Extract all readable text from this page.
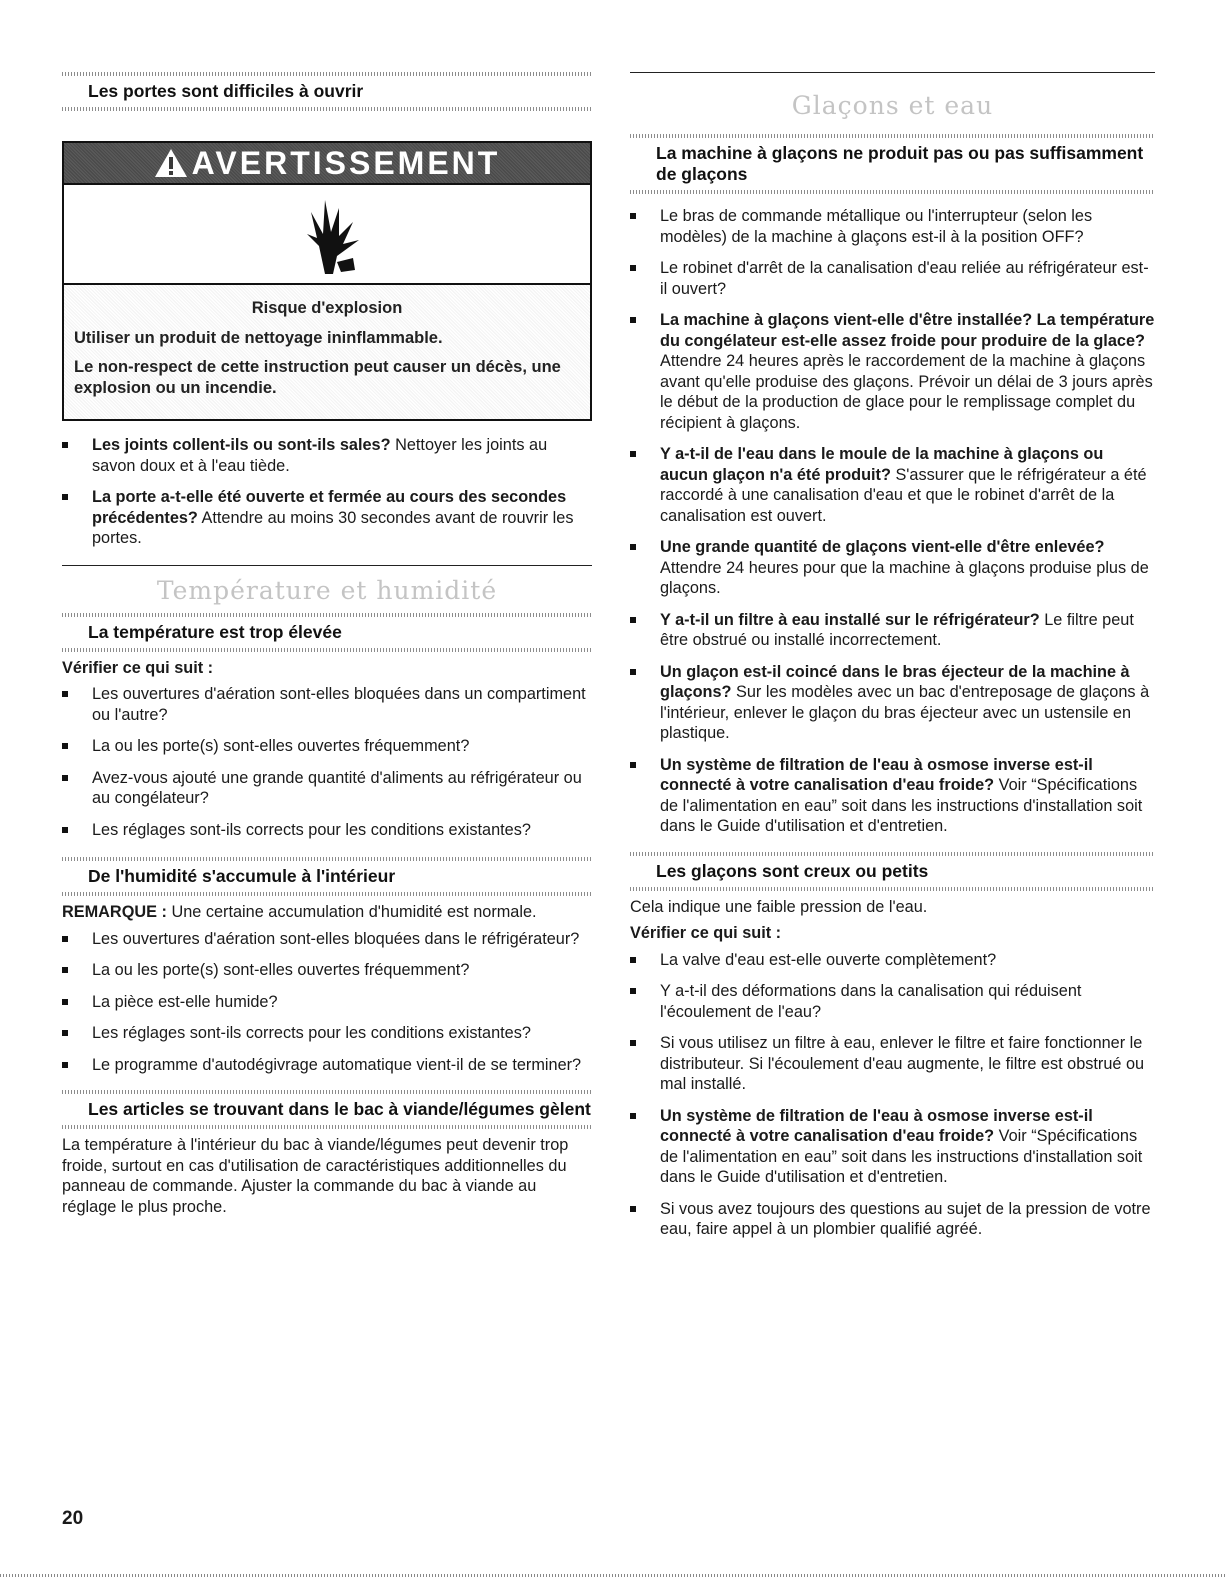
Les portes sont difficiles à ouvrir
AVERTISSEMENT
Risque d'explosion
Utiliser un produit de nettoyage ininflammable.
Le non-respect de cette instruction peut causer un décès, une explosion ou un incendie.
Les joints collent-ils ou sont-ils sales? Nettoyer les joints au savon doux et à l'eau tiède.
La porte a-t-elle été ouverte et fermée au cours des secondes précédentes? Attendre au moins 30 secondes avant de rouvrir les portes.
Température et humidité
La température est trop élevée

Vérifier ce qui suit :

Les ouvertures d'aération sont-elles bloquées dans un compartiment ou l'autre?
La ou les porte(s) sont-elles ouvertes fréquemment?
Avez-vous ajouté une grande quantité d'aliments au réfrigérateur ou au congélateur?
Les réglages sont-ils corrects pour les conditions existantes?
De l'humidité s'accumule à l'intérieur

REMARQUE : Une certaine accumulation d'humidité est normale.

Les ouvertures d'aération sont-elles bloquées dans le réfrigérateur?
La ou les porte(s) sont-elles ouvertes fréquemment?
La pièce est-elle humide?
Les réglages sont-ils corrects pour les conditions existantes?
Le programme d'autodégivrage automatique vient-il de se terminer?
Les articles se trouvant dans le bac à viande/légumes gèlent

La température à l'intérieur du bac à viande/légumes peut devenir trop froide, surtout en cas d'utilisation de caractéristiques additionnelles du panneau de commande. Ajuster la commande du bac à viande au réglage le plus proche.

Glaçons et eau
La machine à glaçons ne produit pas ou pas suffisamment de glaçons
Le bras de commande métallique ou l'interrupteur (selon les modèles) de la machine à glaçons est-il à la position OFF?
Le robinet d'arrêt de la canalisation d'eau reliée au réfrigérateur est-il ouvert?
La machine à glaçons vient-elle d'être installée? La température du congélateur est-elle assez froide pour produire de la glace? Attendre 24 heures après le raccordement de la machine à glaçons avant qu'elle produise des glaçons. Prévoir un délai de 3 jours après le début de la production de glace pour le remplissage complet du récipient à glaçons.
Y a-t-il de l'eau dans le moule de la machine à glaçons ou aucun glaçon n'a été produit? S'assurer que le réfrigérateur a été raccordé à une canalisation d'eau et que le robinet d'arrêt de la canalisation est ouvert.
Une grande quantité de glaçons vient-elle d'être enlevée? Attendre 24 heures pour que la machine à glaçons produise plus de glaçons.
Y a-t-il un filtre à eau installé sur le réfrigérateur? Le filtre peut être obstrué ou installé incorrectement.
Un glaçon est-il coincé dans le bras éjecteur de la machine à glaçons? Sur les modèles avec un bac d'entreposage de glaçons à l'intérieur, enlever le glaçon du bras éjecteur avec un ustensile en plastique.
Un système de filtration de l'eau à osmose inverse est-il connecté à votre canalisation d'eau froide? Voir “Spécifications de l'alimentation en eau” soit dans les instructions d'installation soit dans le Guide d'utilisation et d'entretien.
Les glaçons sont creux ou petits

Cela indique une faible pression de l'eau.

Vérifier ce qui suit :

La valve d'eau est-elle ouverte complètement?
Y a-t-il des déformations dans la canalisation qui réduisent l'écoulement de l'eau?
Si vous utilisez un filtre à eau, enlever le filtre et faire fonctionner le distributeur. Si l'écoulement d'eau augmente, le filtre est obstrué ou mal installé.
Un système de filtration de l'eau à osmose inverse est-il connecté à votre canalisation d'eau froide? Voir “Spécifications de l'alimentation en eau” soit dans les instructions d'installation soit dans le Guide d'utilisation et d'entretien.
Si vous avez toujours des questions au sujet de la pression de votre eau, faire appel à un plombier qualifié agréé.
20
